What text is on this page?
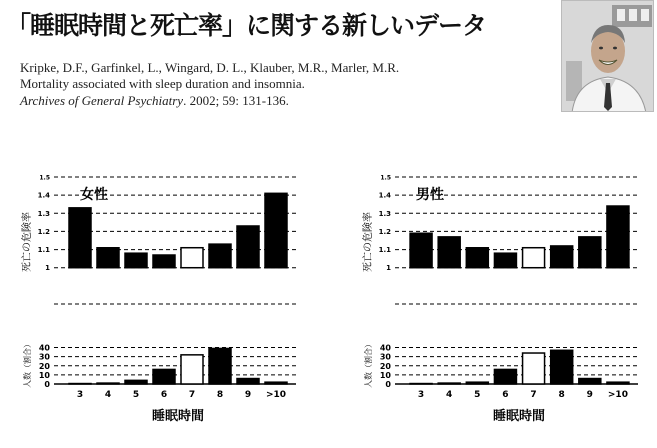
「睡眠時間と死亡率」に関する新しいデータ
Kripke, D.F., Garfinkel, L., Wingard, D. L., Klauber, M.R., Marler, M.R.
Mortality associated with sleep duration and insomnia.
Archives of General Psychiatry. 2002; 59: 131-136.
1.5
1.4
1.3
1.2
1.1
1
40
30
20
10
0
3 4 5 6 7 8 9 >10
死亡の危険率
人数（割合）
女性
睡眠時間
1.5
1.4
1.3
1.2
1.1
1
40
30
20
10
0
3 4 5 6 7 8 9 >10
死亡の危険率
人数（割合）
男性
睡眠時間
